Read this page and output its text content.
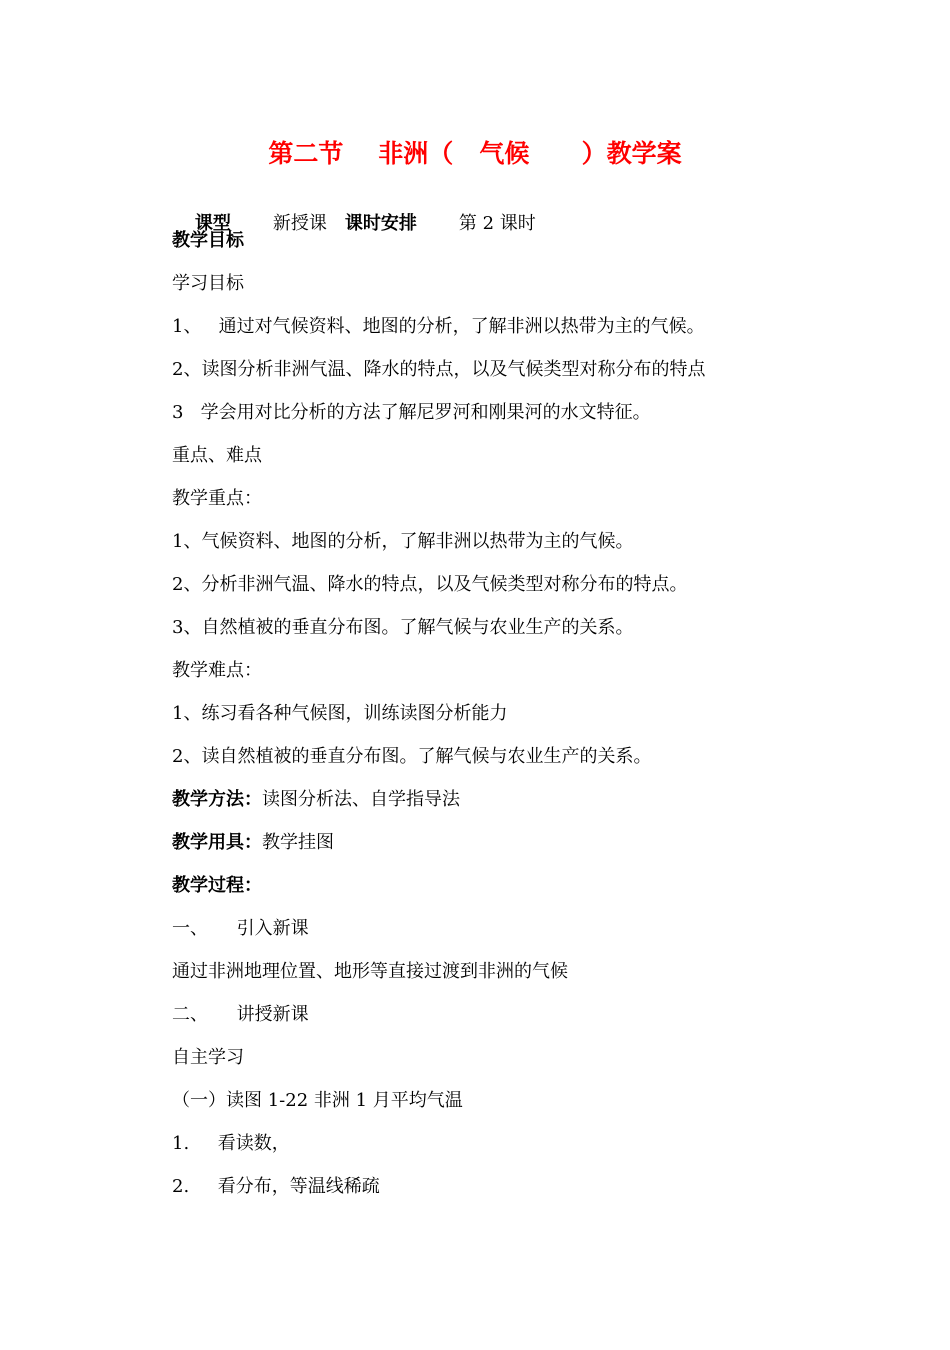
第二节    非洲（   气候      ）教学案

课型 新授课 课时安排 第 2 课时

教学目标
学习目标
1、   通过对气候资料、地图的分析，了解非洲以热带为主的气候。
2、读图分析非洲气温、降水的特点，以及气候类型对称分布的特点
3   学会用对比分析的方法了解尼罗河和刚果河的水文特征。
重点、难点
教学重点：
1、气候资料、地图的分析，了解非洲以热带为主的气候。
2、分析非洲气温、降水的特点，以及气候类型对称分布的特点。
3、自然植被的垂直分布图。了解气候与农业生产的关系。
教学难点：
1、练习看各种气候图，训练读图分析能力
2、读自然植被的垂直分布图。了解气候与农业生产的关系。
教学方法：读图分析法、自学指导法
教学用具：教学挂图
教学过程：
一、     引入新课
通过非洲地理位置、地形等直接过渡到非洲的气候
二、     讲授新课
自主学习
（一）读图 1-22 非洲 1 月平均气温
1.     看读数，
2.     看分布，等温线稀疏
